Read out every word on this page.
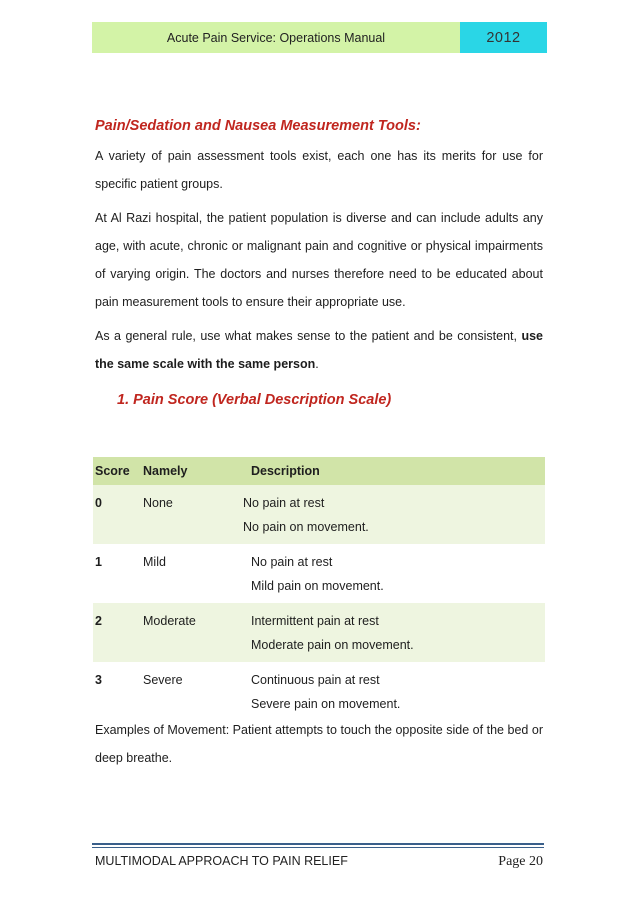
Acute Pain Service: Operations Manual	2012

Pain/Sedation and Nausea Measurement Tools:

A variety of pain assessment tools exist, each one has its merits for use for specific patient groups.

At Al Razi hospital, the patient population is diverse and can include adults any age, with acute, chronic or malignant pain and cognitive or physical impairments of varying origin. The doctors and nurses therefore need to be educated about pain measurement tools to ensure their appropriate use.

As a general rule, use what makes sense to the patient and be consistent, use the same scale with the same person.

1. Pain Score (Verbal Description Scale)

Score	Namely	Description
0	None	No pain at rest
No pain on movement.

1	Mild	No pain at rest
Mild pain on movement.

2	Moderate	Intermittent pain at rest
Moderate pain on movement.

3	Severe	Continuous pain at rest
Severe pain on movement.

Examples of Movement: Patient attempts to touch the opposite side of the bed or deep breathe.

MULTIMODAL APPROACH TO PAIN RELIEF	Page 20
